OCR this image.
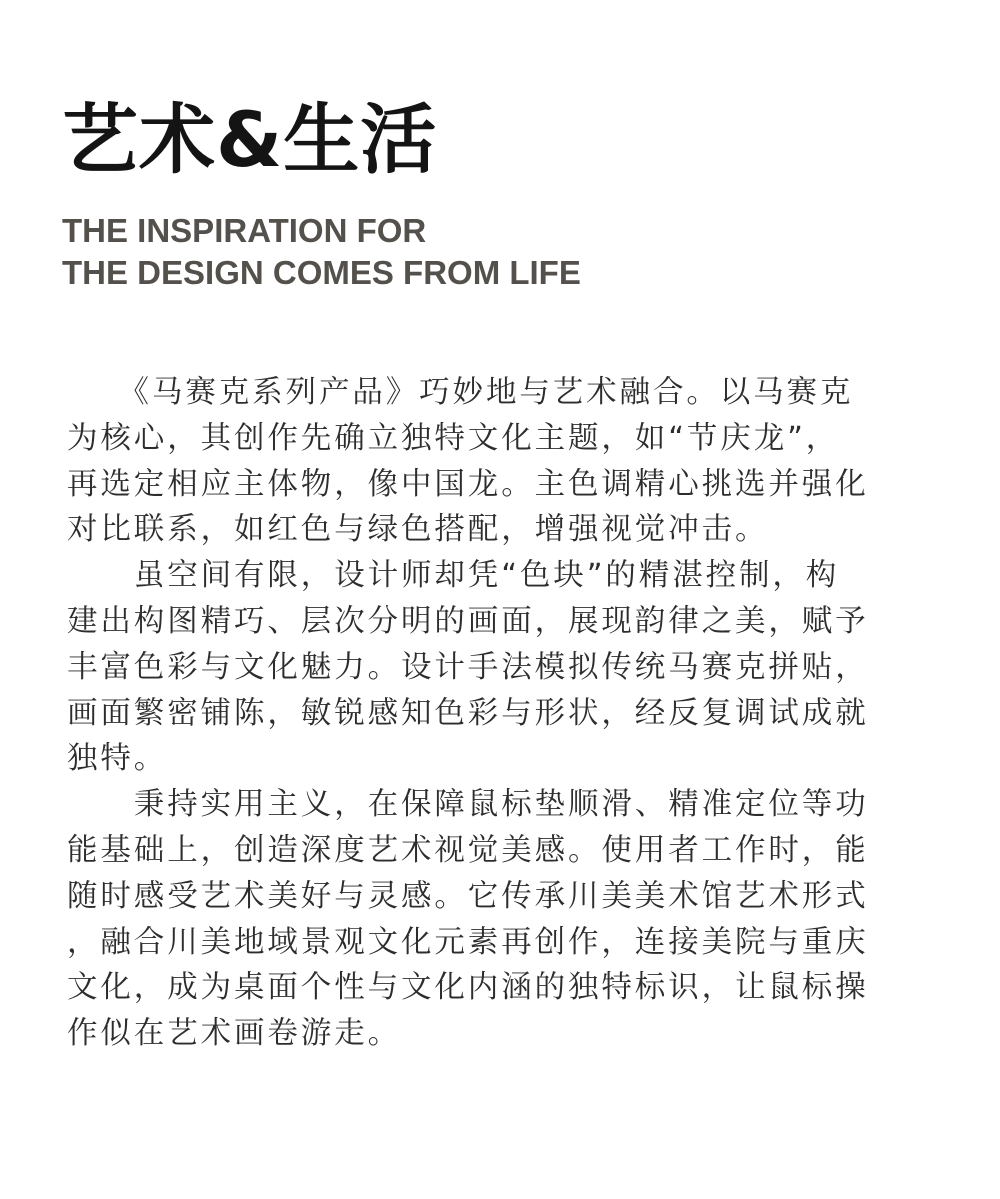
艺术&生活
THE INSPIRATION FOR
THE DESIGN COMES FROM LIFE
　　《马赛克系列产品》巧妙地与艺术融合。以马赛克
为核心，其创作先确立独特文化主题，如“节庆龙”，
再选定相应主体物，像中国龙。主色调精心挑选并强化
对比联系，如红色与绿色搭配，增强视觉冲击。
　　虽空间有限，设计师却凭“色块”的精湛控制，构
建出构图精巧、层次分明的画面，展现韵律之美，赋予
丰富色彩与文化魅力。设计手法模拟传统马赛克拼贴，
画面繁密铺陈，敏锐感知色彩与形状，经反复调试成就
独特。
　　秉持实用主义，在保障鼠标垫顺滑、精准定位等功
能基础上，创造深度艺术视觉美感。使用者工作时，能
随时感受艺术美好与灵感。它传承川美美术馆艺术形式
，融合川美地域景观文化元素再创作，连接美院与重庆
文化，成为桌面个性与文化内涵的独特标识，让鼠标操
作似在艺术画卷游走。
